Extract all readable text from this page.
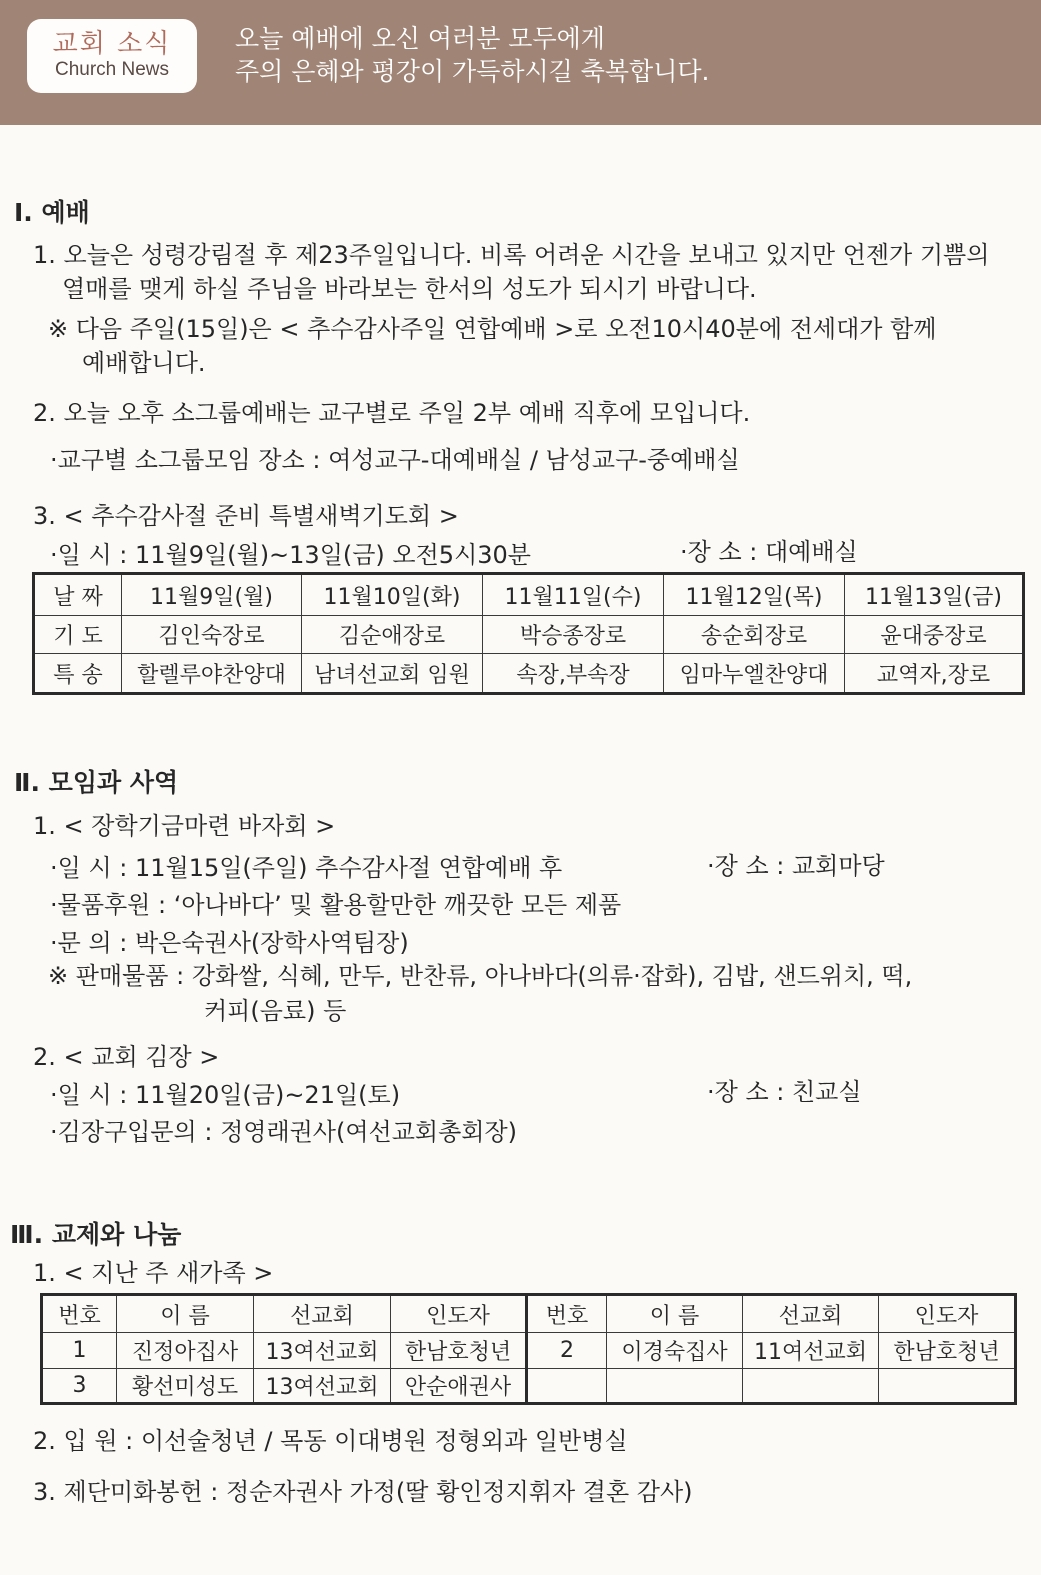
교회 소식
Church News
오늘 예배에 오신 여러분 모두에게
주의 은혜와 평강이 가득하시길 축복합니다.
Ⅰ. 예배
1. 오늘은 성령강림절 후 제23주일입니다. 비록 어려운 시간을 보내고 있지만 언젠가 기쁨의
열매를 맺게 하실 주님을 바라보는 한서의 성도가 되시기 바랍니다.
※ 다음 주일(15일)은 < 추수감사주일 연합예배 >로 오전10시40분에 전세대가 함께
예배합니다.
2. 오늘 오후 소그룹예배는 교구별로 주일 2부 예배 직후에 모입니다.
·교구별 소그룹모임 장소 : 여성교구-대예배실 / 남성교구-중예배실
3. < 추수감사절 준비 특별새벽기도회 >
·일 시 : 11월9일(월)~13일(금) 오전5시30분	·장 소 : 대예배실
날 짜	11월9일(월)	11월10일(화)	11월11일(수)	11월12일(목)	11월13일(금)
기 도	김인숙장로	김순애장로	박승종장로	송순회장로	윤대중장로
특 송	할렐루야찬양대	남녀선교회 임원	속장,부속장	임마누엘찬양대	교역자,장로
Ⅱ. 모임과 사역
1. < 장학기금마련 바자회 >
·일 시 : 11월15일(주일) 추수감사절 연합예배 후	·장 소 : 교회마당
·물품후원 : ‘아나바다’ 및 활용할만한 깨끗한 모든 제품
·문 의 : 박은숙권사(장학사역팀장)
※ 판매물품 : 강화쌀, 식혜, 만두, 반찬류, 아나바다(의류·잡화), 김밥, 샌드위치, 떡,
커피(음료) 등
2. < 교회 김장 >
·일 시 : 11월20일(금)~21일(토)	·장 소 : 친교실
·김장구입문의 : 정영래권사(여선교회총회장)
Ⅲ. 교제와 나눔
1. < 지난 주 새가족 >
번호	이 름	선교회	인도자	번호	이 름	선교회	인도자
1	진정아집사	13여선교회	한남호청년	2	이경숙집사	11여선교회	한남호청년
3	황선미성도	13여선교회	안순애권사				
2. 입 원 : 이선술청년 / 목동 이대병원 정형외과 일반병실
3. 제단미화봉헌 : 정순자권사 가정(딸 황인정지휘자 결혼 감사)
